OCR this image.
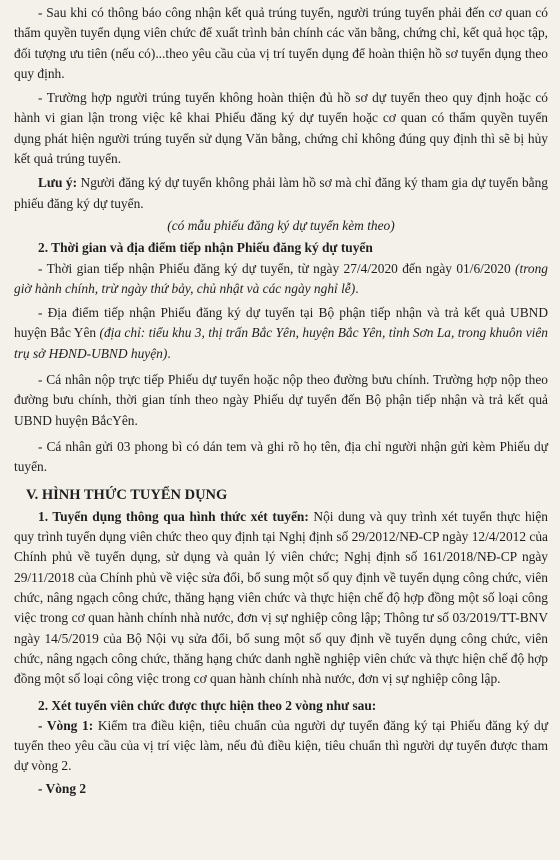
- Sau khi có thông báo công nhận kết quả trúng tuyển, người trúng tuyển phải đến cơ quan có thẩm quyền tuyển dụng viên chức để xuất trình bản chính các văn bằng, chứng chỉ, kết quả học tập, đối tượng ưu tiên (nếu có)...theo yêu cầu của vị trí tuyển dụng để hoàn thiện hồ sơ tuyển dụng theo quy định.

- Trường hợp người trúng tuyển không hoàn thiện đủ hồ sơ dự tuyển theo quy định hoặc có hành vi gian lận trong việc kê khai Phiếu đăng ký dự tuyển hoặc cơ quan có thẩm quyền tuyển dụng phát hiện người trúng tuyển sử dụng Văn bằng, chứng chỉ không đúng quy định thì sẽ bị hủy kết quả trúng tuyển.

Lưu ý: Người đăng ký dự tuyển không phải làm hồ sơ mà chỉ đăng ký tham gia dự tuyển bằng phiếu đăng ký dự tuyển.

(có mẫu phiếu đăng ký dự tuyển kèm theo)

2. Thời gian và địa điểm tiếp nhận Phiếu đăng ký dự tuyển

- Thời gian tiếp nhận Phiếu đăng ký dự tuyển, từ ngày 27/4/2020 đến ngày 01/6/2020 (trong giờ hành chính, trừ ngày thứ bảy, chủ nhật và các ngày nghỉ lễ).

- Địa điểm tiếp nhận Phiếu đăng ký dự tuyển tại Bộ phận tiếp nhận và trả kết quả UBND huyện Bắc Yên (địa chỉ: tiểu khu 3, thị trấn Bắc Yên, huyện Bắc Yên, tỉnh Sơn La, trong khuôn viên trụ sở HĐND-UBND huyện).

- Cá nhân nộp trực tiếp Phiếu dự tuyển hoặc nộp theo đường bưu chính. Trường hợp nộp theo đường bưu chính, thời gian tính theo ngày Phiếu dự tuyển đến Bộ phận tiếp nhận và trả kết quả UBND huyện BắcYên.

- Cá nhân gửi 03 phong bì có dán tem và ghi rõ họ tên, địa chỉ người nhận gửi kèm Phiếu dự tuyển.

V. HÌNH THỨC TUYỂN DỤNG

1. Tuyển dụng thông qua hình thức xét tuyển: Nội dung và quy trình xét tuyển thực hiện quy trình tuyển dụng viên chức theo quy định tại Nghị định số 29/2012/NĐ-CP ngày 12/4/2012 của Chính phủ về tuyển dụng, sử dụng và quản lý viên chức; Nghị định số 161/2018/NĐ-CP ngày 29/11/2018 của Chính phủ về việc sửa đổi, bổ sung một số quy định về tuyển dụng công chức, viên chức, nâng ngạch công chức, thăng hạng viên chức và thực hiện chế độ hợp đồng một số loại công việc trong cơ quan hành chính nhà nước, đơn vị sự nghiệp công lập; Thông tư số 03/2019/TT-BNV ngày 14/5/2019 của Bộ Nội vụ sửa đổi, bổ sung một số quy định về tuyển dụng công chức, viên chức, nâng ngạch công chức, thăng hạng chức danh nghề nghiệp viên chức và thực hiện chế độ hợp đồng một số loại công việc trong cơ quan hành chính nhà nước, đơn vị sự nghiệp công lập.

2. Xét tuyển viên chức được thực hiện theo 2 vòng như sau:

- Vòng 1: Kiểm tra điều kiện, tiêu chuẩn của người dự tuyển đăng ký tại Phiếu đăng ký dự tuyển theo yêu cầu của vị trí việc làm, nếu đủ điều kiện, tiêu chuẩn thì người dự tuyển được tham dự vòng 2.

- Vòng 2
